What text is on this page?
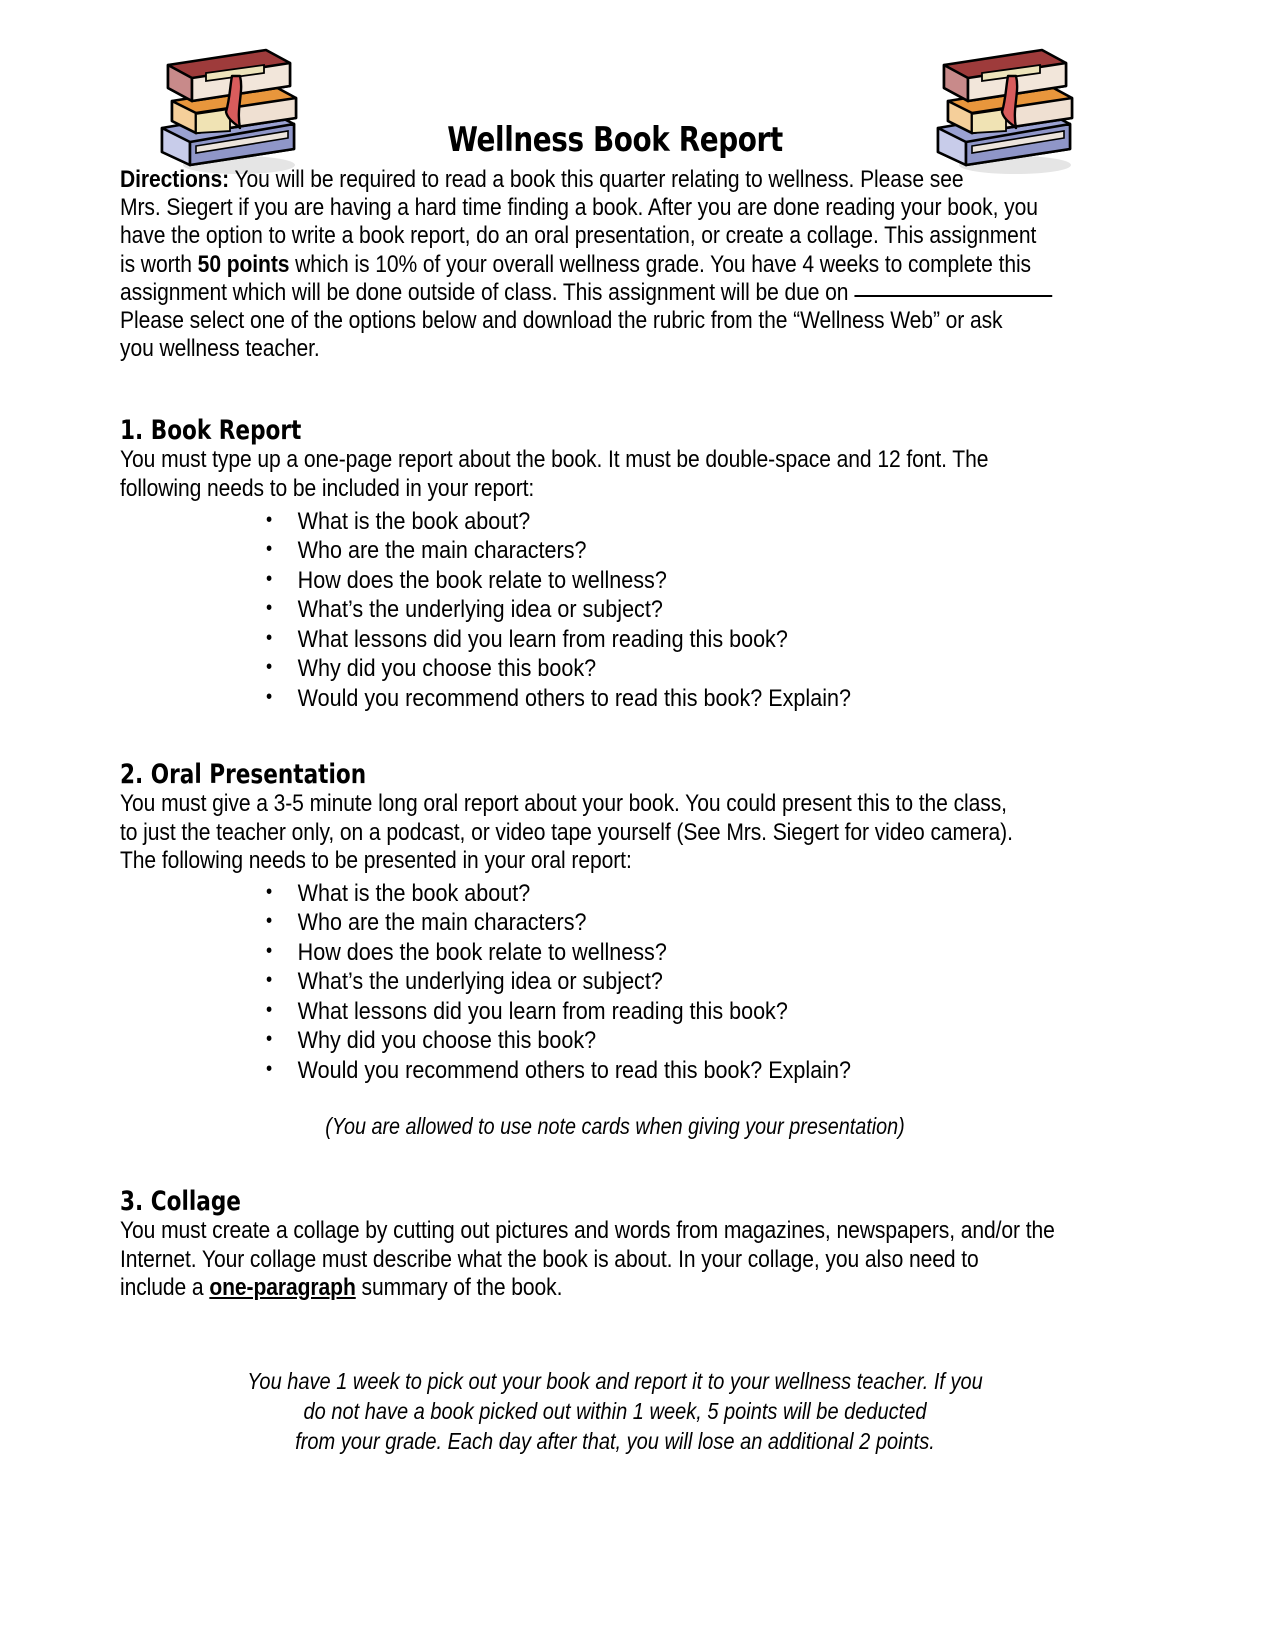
Wellness Book Report

Directions: You will be required to read a book this quarter relating to wellness. Please see

Mrs. Siegert if you are having a hard time finding a book. After you are done reading your book, you

have the option to write a book report, do an oral presentation, or create a collage. This assignment

is worth 50 points which is 10% of your overall wellness grade. You have 4 weeks to complete this

assignment which will be done outside of class. This assignment will be due on

Please select one of the options below and download the rubric from the “Wellness Web” or ask

you wellness teacher.

1. Book Report

You must type up a one-page report about the book. It must be double-space and 12 font. The

following needs to be included in your report:

• What is the book about?
• Who are the main characters?
• How does the book relate to wellness?
• What’s the underlying idea or subject?
• What lessons did you learn from reading this book?
• Why did you choose this book?
• Would you recommend others to read this book? Explain?
2. Oral Presentation

You must give a 3-5 minute long oral report about your book. You could present this to the class,

to just the teacher only, on a podcast, or video tape yourself (See Mrs. Siegert for video camera).

The following needs to be presented in your oral report:

• What is the book about?
• Who are the main characters?
• How does the book relate to wellness?
• What’s the underlying idea or subject?
• What lessons did you learn from reading this book?
• Why did you choose this book?
• Would you recommend others to read this book? Explain?
(You are allowed to use note cards when giving your presentation)
3. Collage

You must create a collage by cutting out pictures and words from magazines, newspapers, and/or the

Internet. Your collage must describe what the book is about. In your collage, you also need to

include a one-paragraph summary of the book.

You have 1 week to pick out your book and report it to your wellness teacher. If you
do not have a book picked out within 1 week, 5 points will be deducted
from your grade. Each day after that, you will lose an additional 2 points.
